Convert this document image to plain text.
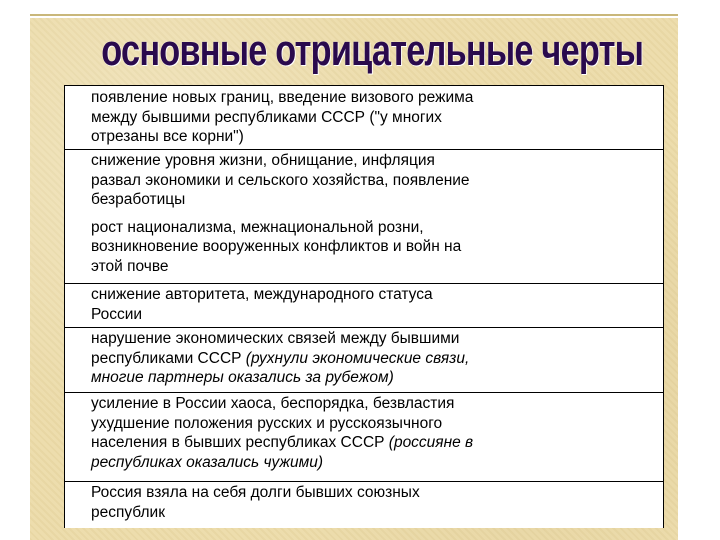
основные отрицательные черты
появление новых границ, введение визового режима
между бывшими республиками СССР ("у многих
отрезаны все корни")
снижение уровня жизни, обнищание, инфляция
развал экономики и сельского хозяйства, появление
безработицы
рост национализма, межнациональной розни,
возникновение вооруженных конфликтов и войн на
этой почве
снижение авторитета, международного статуса
России
нарушение экономических связей между бывшими
республиками СССР (рухнули экономические связи,
многие партнеры оказались за рубежом)
усиление в России хаоса, беспорядка, безвластия
ухудшение положения русских и русскоязычного
населения в бывших республиках СССР (россияне в
республиках оказались чужими)
Россия взяла на себя долги бывших союзных
республик
